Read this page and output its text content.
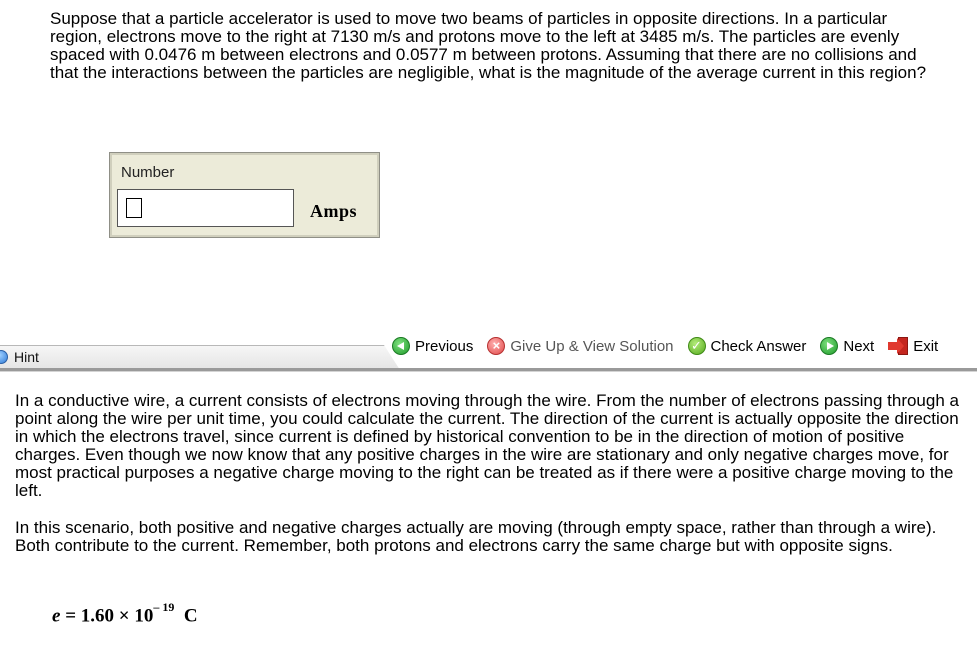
Suppose that a particle accelerator is used to move two beams of particles in opposite directions. In a particular region, electrons move to the right at 7130 m/s and protons move to the left at 3485 m/s. The particles are evenly spaced with 0.0476 m between electrons and 0.0577 m between protons. Assuming that there are no collisions and that the interactions between the particles are negligible, what is the magnitude of the average current in this region?
Number
Amps
Hint
Previous	× Give Up & View Solution ✓ Check Answer Next	Exit

In a conductive wire, a current consists of electrons moving through the wire. From the number of electrons passing through a point along the wire per unit time, you could calculate the current. The direction of the current is actually opposite the direction in which the electrons travel, since current is defined by historical convention to be in the direction of motion of positive charges. Even though we now know that any positive charges in the wire are stationary and only negative charges move, for most practical purposes a negative charge moving to the right can be treated as if there were a positive charge moving to the left.

In this scenario, both positive and negative charges actually are moving (through empty space, rather than through a wire). Both contribute to the current. Remember, both protons and electrons carry the same charge but with opposite signs.

$e = 1.60 \times 10^{- 19}$ C
